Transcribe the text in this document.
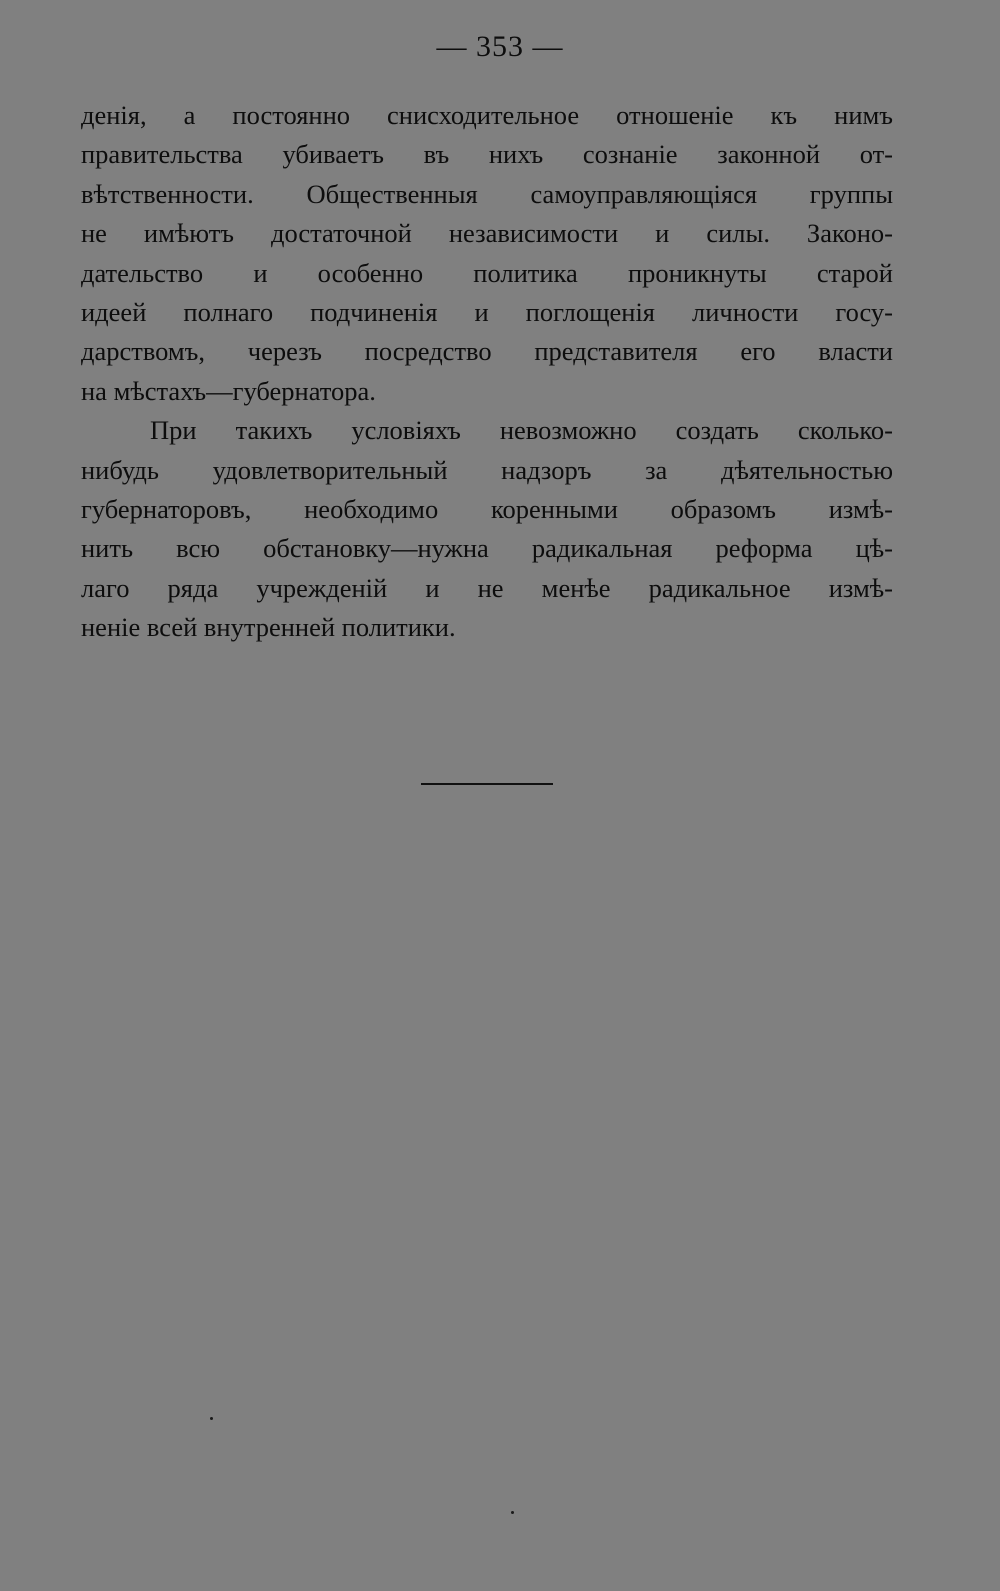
— 353 —
денія, а постоянно снисходительное отношеніе къ нимъ
правительства убиваетъ въ нихъ сознаніе законной от-
вѣтственности. Общественныя самоуправляющіяся группы
не имѣютъ достаточной независимости и силы. Законо-
дательство и особенно политика проникнуты старой
идеей полнаго подчиненія и поглощенія личности госу-
дарствомъ, черезъ посредство представителя его власти
на мѣстахъ—губернатора.
При такихъ условіяхъ невозможно создать сколько-
нибудь удовлетворительный надзоръ за дѣятельностью
губернаторовъ, необходимо коренными образомъ измѣ-
нить всю обстановку—нужна радикальная реформа цѣ-
лаго ряда учрежденій и не менѣе радикальное измѣ-
неніе всей внутренней политики.
